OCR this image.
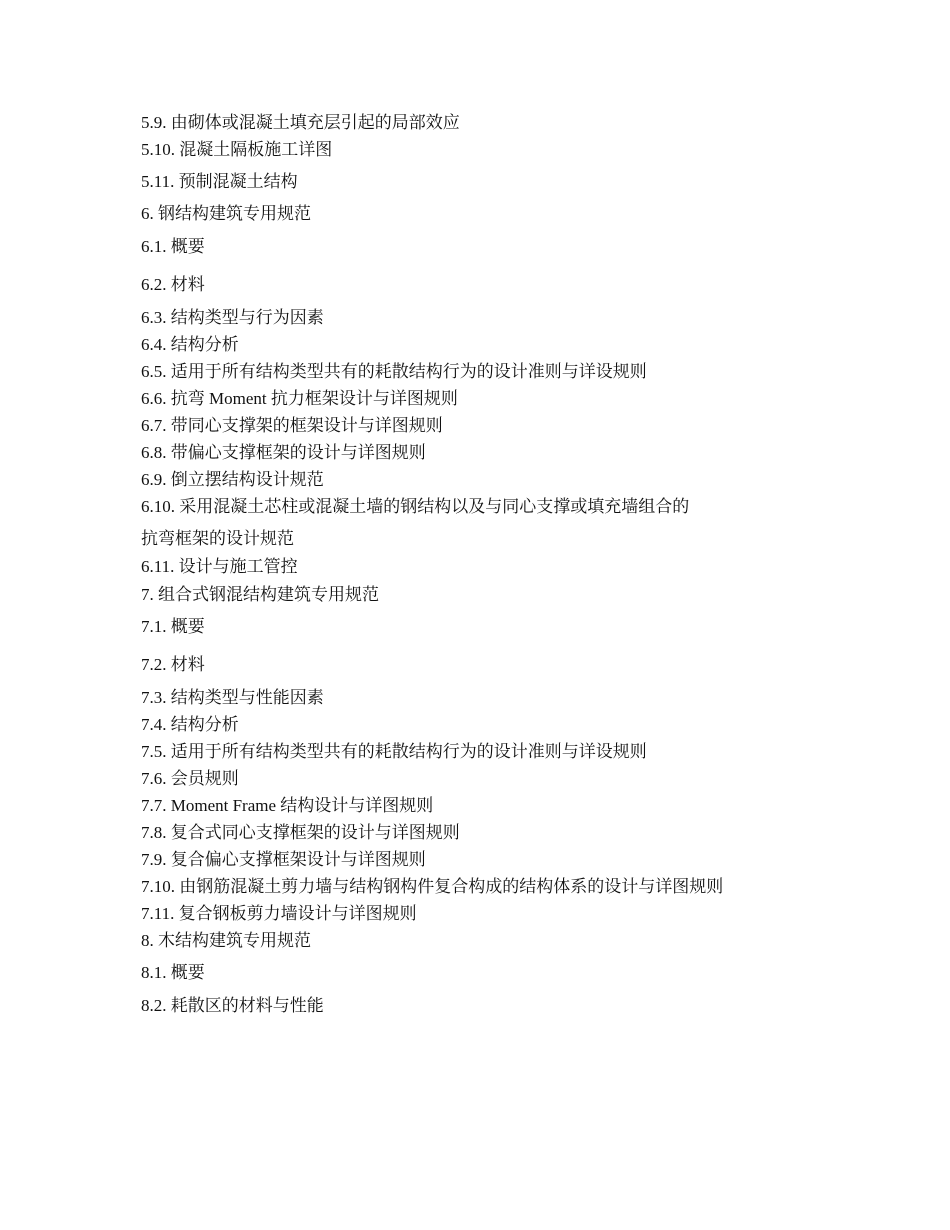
5.9. 由砌体或混凝土填充层引起的局部效应
5.10. 混凝土隔板施工详图
5.11. 预制混凝土结构
6. 钢结构建筑专用规范
6.1. 概要
6.2. 材料
6.3. 结构类型与行为因素
6.4. 结构分析
6.5. 适用于所有结构类型共有的耗散结构行为的设计准则与详设规则
6.6. 抗弯 Moment 抗力框架设计与详图规则
6.7. 带同心支撑架的框架设计与详图规则
6.8. 带偏心支撑框架的设计与详图规则
6.9. 倒立摆结构设计规范
6.10. 采用混凝土芯柱或混凝土墙的钢结构以及与同心支撑或填充墙组合的
抗弯框架的设计规范
6.11. 设计与施工管控
7. 组合式钢混结构建筑专用规范
7.1. 概要
7.2. 材料
7.3. 结构类型与性能因素
7.4. 结构分析
7.5. 适用于所有结构类型共有的耗散结构行为的设计准则与详设规则
7.6. 会员规则
7.7. Moment Frame 结构设计与详图规则
7.8. 复合式同心支撑框架的设计与详图规则
7.9. 复合偏心支撑框架设计与详图规则
7.10. 由钢筋混凝土剪力墙与结构钢构件复合构成的结构体系的设计与详图规则
7.11. 复合钢板剪力墙设计与详图规则
8. 木结构建筑专用规范
8.1. 概要
8.2. 耗散区的材料与性能
